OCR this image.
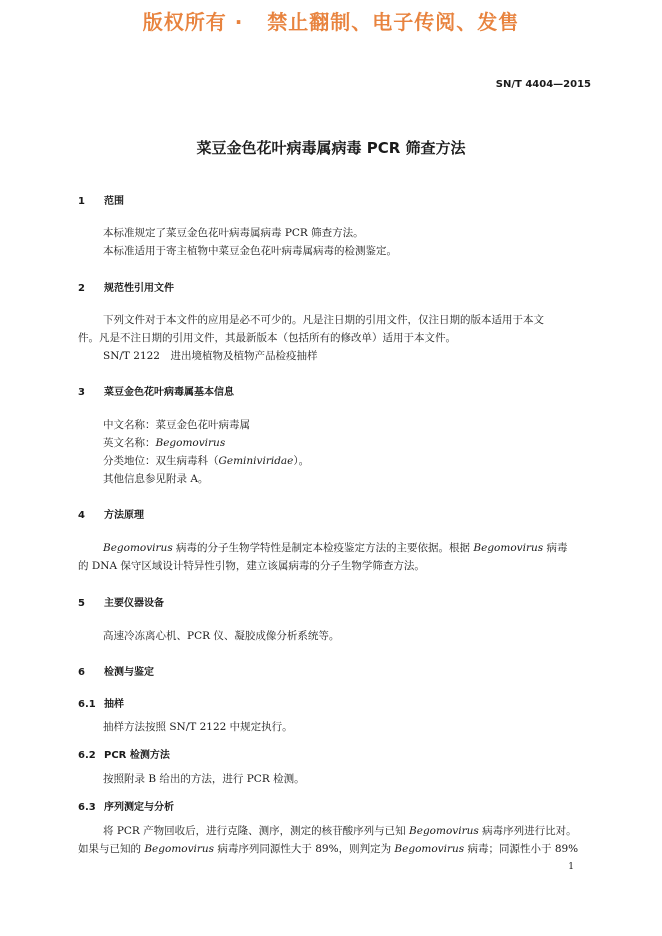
版权所有 ·   禁止翻制、电子传阅、发售
SN/T 4404—2015
菜豆金色花叶病毒属病毒 PCR 筛查方法
1 范围
本标准规定了菜豆金色花叶病毒属病毒 PCR 筛查方法。
本标准适用于寄主植物中菜豆金色花叶病毒属病毒的检测鉴定。
2 规范性引用文件
下列文件对于本文件的应用是必不可少的。凡是注日期的引用文件，仅注日期的版本适用于本文
件。凡是不注日期的引用文件，其最新版本（包括所有的修改单）适用于本文件。
SN/T 2122　进出境植物及植物产品检疫抽样
3 菜豆金色花叶病毒属基本信息
中文名称：菜豆金色花叶病毒属
英文名称：Begomovirus
分类地位：双生病毒科（Geminiviridae）。
其他信息参见附录 A。
4 方法原理
Begomovirus 病毒的分子生物学特性是制定本检疫鉴定方法的主要依据。根据 Begomovirus 病毒
的 DNA 保守区域设计特异性引物，建立该属病毒的分子生物学筛查方法。
5 主要仪器设备
高速冷冻离心机、PCR 仪、凝胶成像分析系统等。
6 检测与鉴定
6.1 抽样
抽样方法按照 SN/T 2122 中规定执行。
6.2 PCR 检测方法
按照附录 B 给出的方法，进行 PCR 检测。
6.3 序列测定与分析
将 PCR 产物回收后，进行克隆、测序，测定的核苷酸序列与已知 Begomovirus 病毒序列进行比对。
如果与已知的 Begomovirus 病毒序列同源性大于 89%，则判定为 Begomovirus 病毒；同源性小于 89%
1
